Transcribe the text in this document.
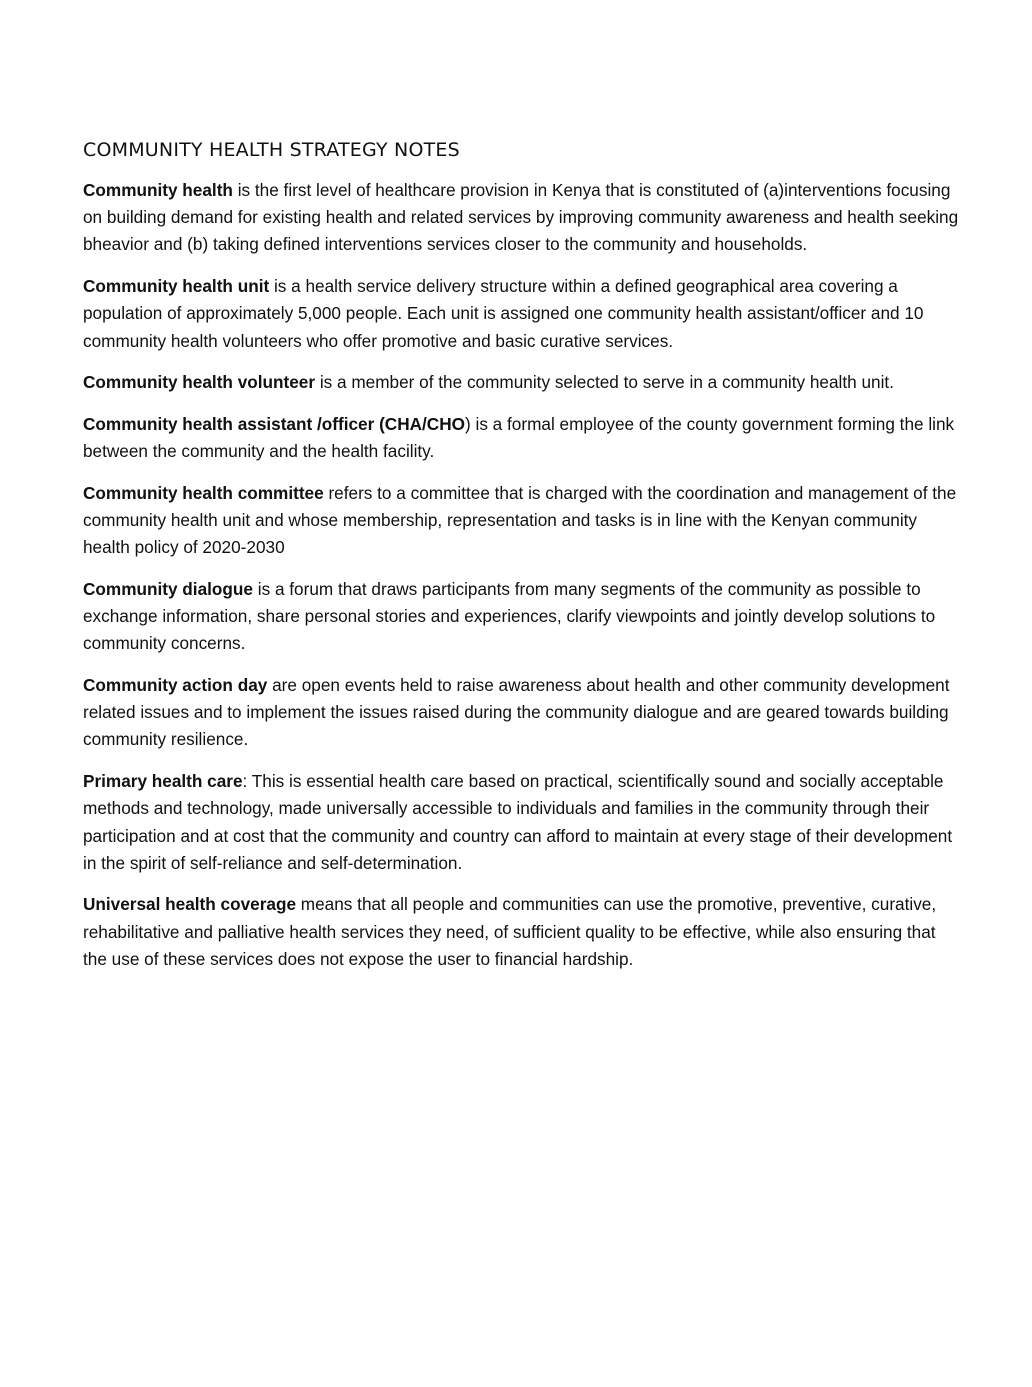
COMMUNITY HEALTH STRATEGY NOTES

Community health is the first level of healthcare provision in Kenya that is constituted of (a)interventions focusing on building demand for existing health and related services by improving community awareness and health seeking bheavior and (b) taking defined interventions services closer to the community and households.

Community health unit is a health service delivery structure within a defined geographical area covering a population of approximately 5,000 people. Each unit is assigned one community health assistant/officer and 10 community health volunteers who offer promotive and basic curative services.

Community health volunteer is a member of the community selected to serve in a community health unit.

Community health assistant /officer (CHA/CHO) is a formal employee of the county government forming the link between the community and the health facility.

Community health committee refers to a committee that is charged with the coordination and management of the community health unit and whose membership, representation and tasks is in line with the Kenyan community health policy of 2020-2030

Community dialogue is a forum that draws participants from many segments of the community as possible to exchange information, share personal stories and experiences, clarify viewpoints and jointly develop solutions to community concerns.

Community action day are open events held to raise awareness about health and other community development related issues and to implement the issues raised during the community dialogue and are geared towards building community resilience.

Primary health care: This is essential health care based on practical, scientifically sound and socially acceptable methods and technology, made universally accessible to individuals and families in the community through their participation and at cost that the community and country can afford to maintain at every stage of their development in the spirit of self-reliance and self-determination.

Universal health coverage means that all people and communities can use the promotive, preventive, curative, rehabilitative and palliative health services they need, of sufficient quality to be effective, while also ensuring that the use of these services does not expose the user to financial hardship.
